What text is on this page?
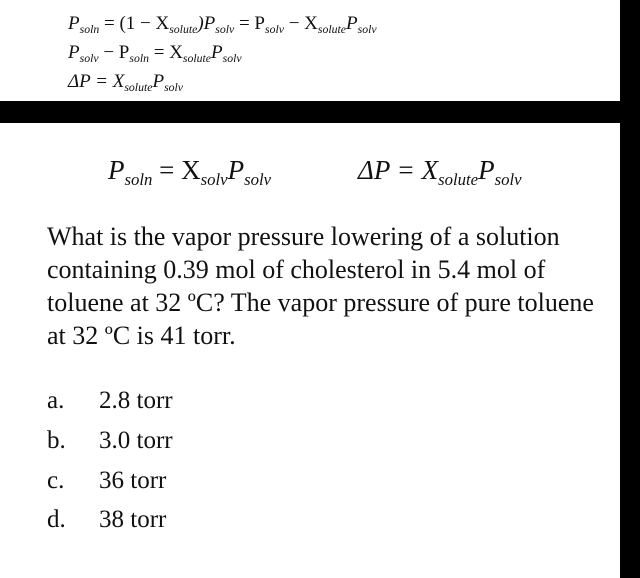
$P_{soln} = (1 - X_{solute})P_{solv} = P_{solv} - X_{solute}P_{solv}$
$P_{solv} - P_{soln} = X_{solute}P_{solv}$
$\Delta P = X_{solute}P_{solv}$
$P_{soln} = X_{solv}P_{solv}$	$\Delta P = X_{solute}P_{solv}$

What is the vapor pressure lowering of a solution containing 0.39 mol of cholesterol in 5.4 mol of toluene at 32 ºC? The vapor pressure of pure toluene at 32 ºC is 41 torr.

a. 2.8 torr
b. 3.0 torr
c. 36 torr
d. 38 torr
